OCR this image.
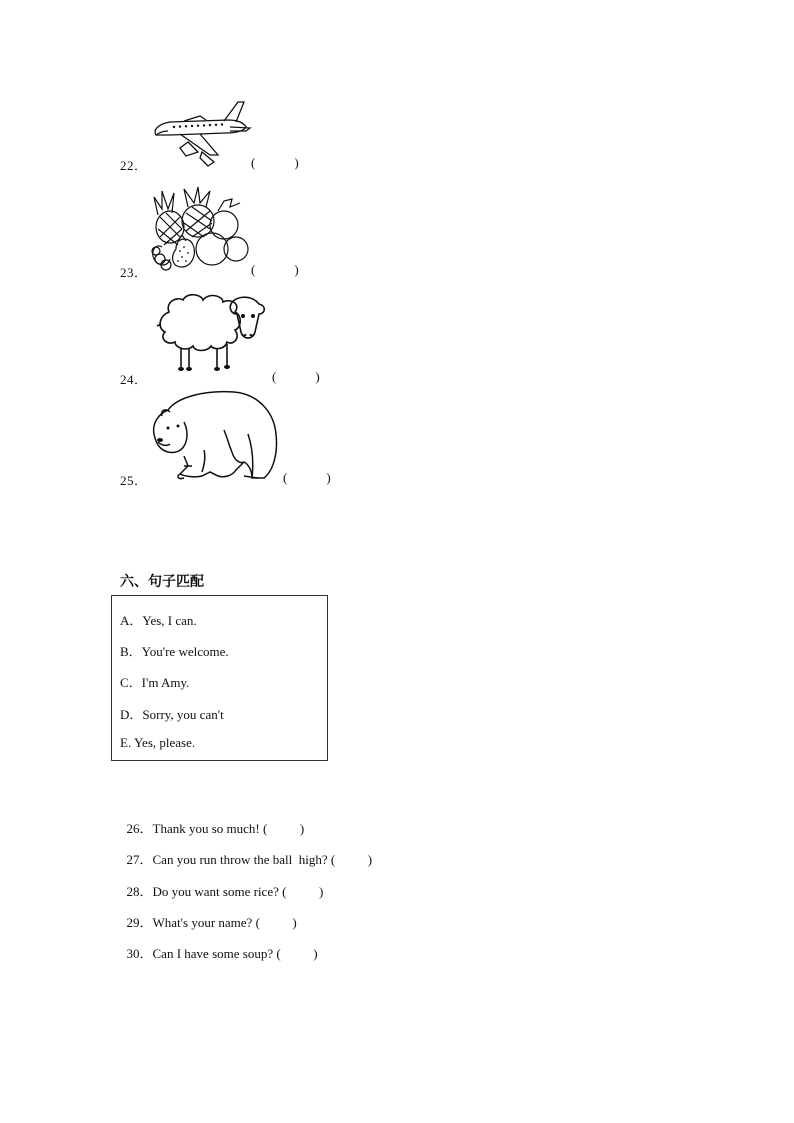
22．	(            )
23．	(            )
24．	(            )
25．	(            )
六、句子匹配
A．Yes, I can.
B．You're welcome.
C．I'm Amy.
D．Sorry, you can't
E. Yes, please.

26．Thank you so much! (          )

27．Can you run throw the ball  high? (          )

28．Do you want some rice? (          )

29．What's your name? (          )

30．Can I have some soup? (          )
